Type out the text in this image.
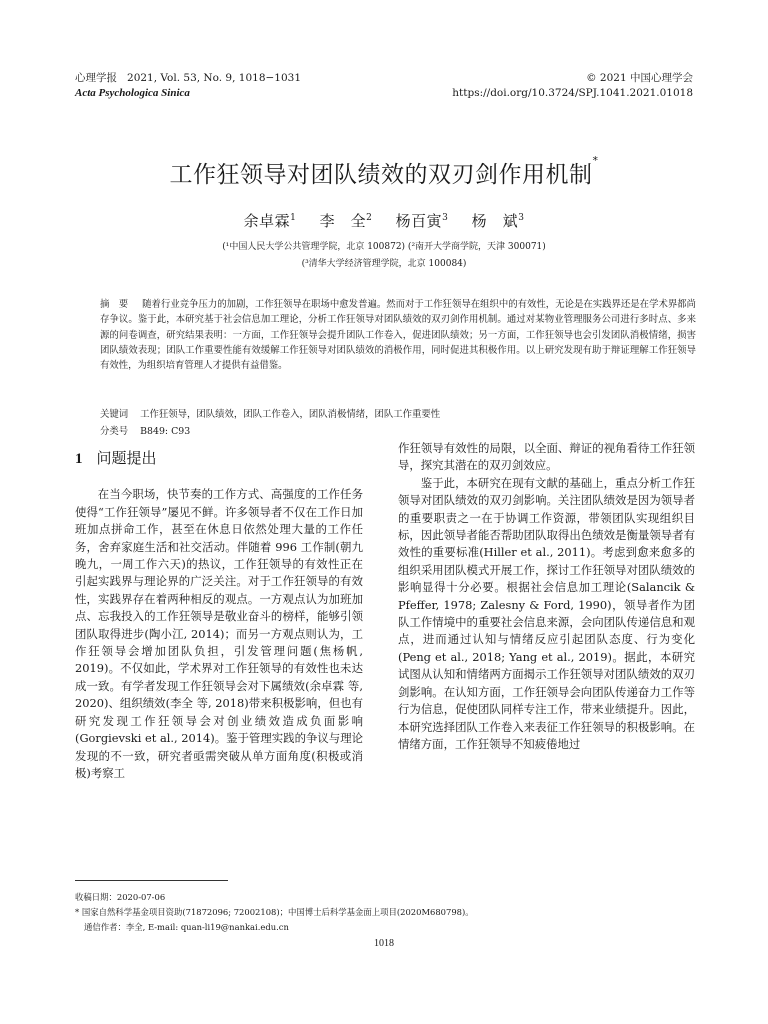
心理学报 2021, Vol. 53, No. 9, 1018−1031
Acta Psychologica Sinica
© 2021 中国心理学会
https://doi.org/10.3724/SPJ.1041.2021.01018
工作狂领导对团队绩效的双刃剑作用机制*
余卓霖$^1$ 李　全$^2$ 杨百寅$^3$ 杨　斌$^3$
(¹中国人民大学公共管理学院，北京 100872) (²南开大学商学院，天津 300071)
(³清华大学经济管理学院，北京 100084)
摘　要 随着行业竞争压力的加剧，工作狂领导在职场中愈发普遍。然而对于工作狂领导在组织中的有效性，无论是在实践界还是在学术界都尚存争议。鉴于此，本研究基于社会信息加工理论，分析工作狂领导对团队绩效的双刃剑作用机制。通过对某物业管理服务公司进行多时点、多来源的问卷调查，研究结果表明：一方面，工作狂领导会提升团队工作卷入，促进团队绩效；另一方面，工作狂领导也会引发团队消极情绪，损害团队绩效表现；团队工作重要性能有效缓解工作狂领导对团队绩效的消极作用，同时促进其积极作用。以上研究发现有助于辩证理解工作狂领导有效性，为组织培育管理人才提供有益借鉴。
关键词 工作狂领导，团队绩效，团队工作卷入，团队消极情绪，团队工作重要性
分类号 B849: C93
1 问题提出

在当今职场，快节奏的工作方式、高强度的工作任务使得“工作狂领导”屡见不鲜。许多领导者不仅在工作日加班加点拼命工作，甚至在休息日依然处理大量的工作任务，舍弃家庭生活和社交活动。伴随着 996 工作制(朝九晚九，一周工作六天)的热议，工作狂领导的有效性正在引起实践界与理论界的广泛关注。对于工作狂领导的有效性，实践界存在着两种相反的观点。一方观点认为加班加点、忘我投入的工作狂领导是敬业奋斗的榜样，能够引领团队取得进步(陶小江, 2014)；而另一方观点则认为，工作狂领导会增加团队负担，引发管理问题(焦杨帆, 2019)。不仅如此，学术界对工作狂领导的有效性也未达成一致。有学者发现工作狂领导会对下属绩效(余卓霖 等, 2020)、组织绩效(李全 等, 2018)带来积极影响，但也有研究发现工作狂领导会对创业绩效造成负面影响(Gorgievski et al., 2014)。鉴于管理实践的争议与理论发现的不一致，研究者亟需突破从单方面角度(积极或消极)考察工

作狂领导有效性的局限，以全面、辩证的视角看待工作狂领导，探究其潜在的双刃剑效应。

鉴于此，本研究在现有文献的基础上，重点分析工作狂领导对团队绩效的双刃剑影响。关注团队绩效是因为领导者的重要职责之一在于协调工作资源，带领团队实现组织目标，因此领导者能否帮助团队取得出色绩效是衡量领导者有效性的重要标准(Hiller et al., 2011)。考虑到愈来愈多的组织采用团队模式开展工作，探讨工作狂领导对团队绩效的影响显得十分必要。根据社会信息加工理论(Salancik & Pfeffer, 1978; Zalesny & Ford, 1990)，领导者作为团队工作情境中的重要社会信息来源，会向团队传递信息和观点，进而通过认知与情绪反应引起团队态度、行为变化(Peng et al., 2018; Yang et al., 2019)。据此，本研究试图从认知和情绪两方面揭示工作狂领导对团队绩效的双刃剑影响。在认知方面，工作狂领导会向团队传递奋力工作等行为信息，促使团队同样专注工作，带来业绩提升。因此，本研究选择团队工作卷入来表征工作狂领导的积极影响。在情绪方面，工作狂领导不知疲倦地过

收稿日期：2020-07-06
* 国家自然科学基金项目资助(71872096; 72002108)；中国博士后科学基金面上项目(2020M680798)。
通信作者：李全, E-mail: quan-li19@nankai.edu.cn
1018
